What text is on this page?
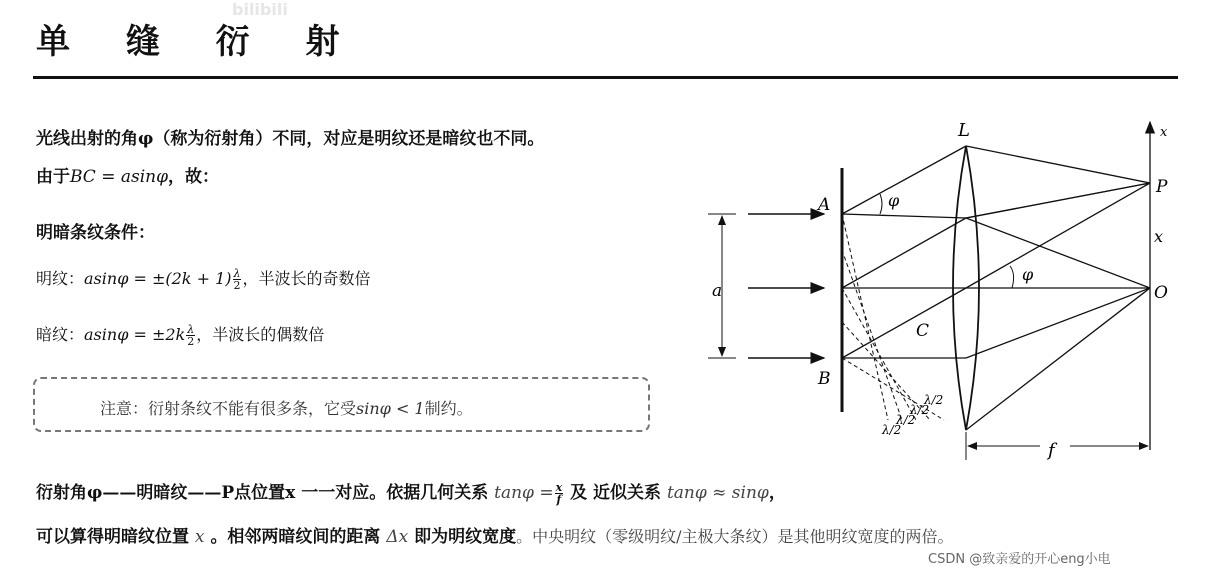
单 缝 衍 射
bilibili
光线出射的角φ（称为衍射角）不同，对应是明纹还是暗纹也不同。
由于BC = asinφ，故：
明暗条纹条件：
明纹：$asin\varphi = \pm(2k + 1) \frac{\lambda}{2}$ ，半波长的奇数倍
暗纹：$asin\varphi = \pm 2k \frac{\lambda}{2}$ ，半波长的偶数倍
注意：衍射条纹不能有很多条，它受sinφ < 1制约。
衍射角φ——明暗纹——P点位置x 一一对应。依据几何关系 $\tan\varphi = \frac{x}{f}$ 及 近似关系 tanφ ≈ sinφ，
可以算得明暗纹位置 x 。相邻两暗纹间的距离 Δx 即为明纹宽度。中央明纹（零级明纹/主极大条纹）是其他明纹宽度的两倍。
L
A
B
C
a
P
O
x
x
f
φ
φ
λ/2
λ/2
λ/2
λ/2
CSDN @致亲爱的开心eng小电
